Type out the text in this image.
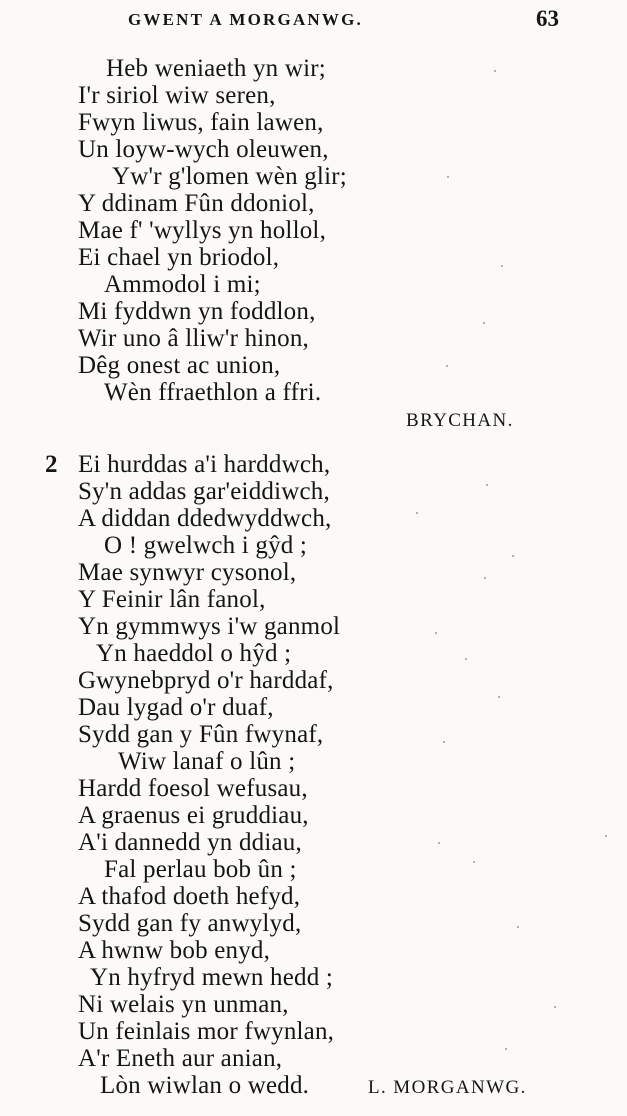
GWENT A MORGANWG.	63
Heb weniaeth yn wir;
I'r siriol wiw seren,
Fwyn liwus, fain lawen,
Un loyw-wych oleuwen,
Yw'r g'lomen wèn glir;
Y ddinam Fûn ddoniol,
Mae f' 'wyllys yn hollol,
Ei chael yn briodol,
Ammodol i mi;
Mi fyddwn yn foddlon,
Wir uno â lliw'r hinon,
Dêg onest ac union,
Wèn ffraethlon a ffri.
BRYCHAN.
2 Ei hurddas a'i harddwch,
Sy'n addas gar'eiddiwch,
A diddan ddedwyddwch,
O ! gwelwch i gŷd ;
Mae synwyr cysonol,
Y Feinir lân fanol,
Yn gymmwys i'w ganmol
Yn haeddol o hŷd ;
Gwynebpryd o'r harddaf,
Dau lygad o'r duaf,
Sydd gan y Fûn fwynaf,
Wiw lanaf o lûn ;
Hardd foesol wefusau,
A graenus ei gruddiau,
A'i dannedd yn ddiau,
Fal perlau bob ûn ;
A thafod doeth hefyd,
Sydd gan fy anwylyd,
A hwnw bob enyd,
Yn hyfryd mewn hedd ;
Ni welais yn unman,
Un feinlais mor fwynlan,
A'r Eneth aur anian,
Lòn wiwlan o wedd.	L. MORGANWG.
